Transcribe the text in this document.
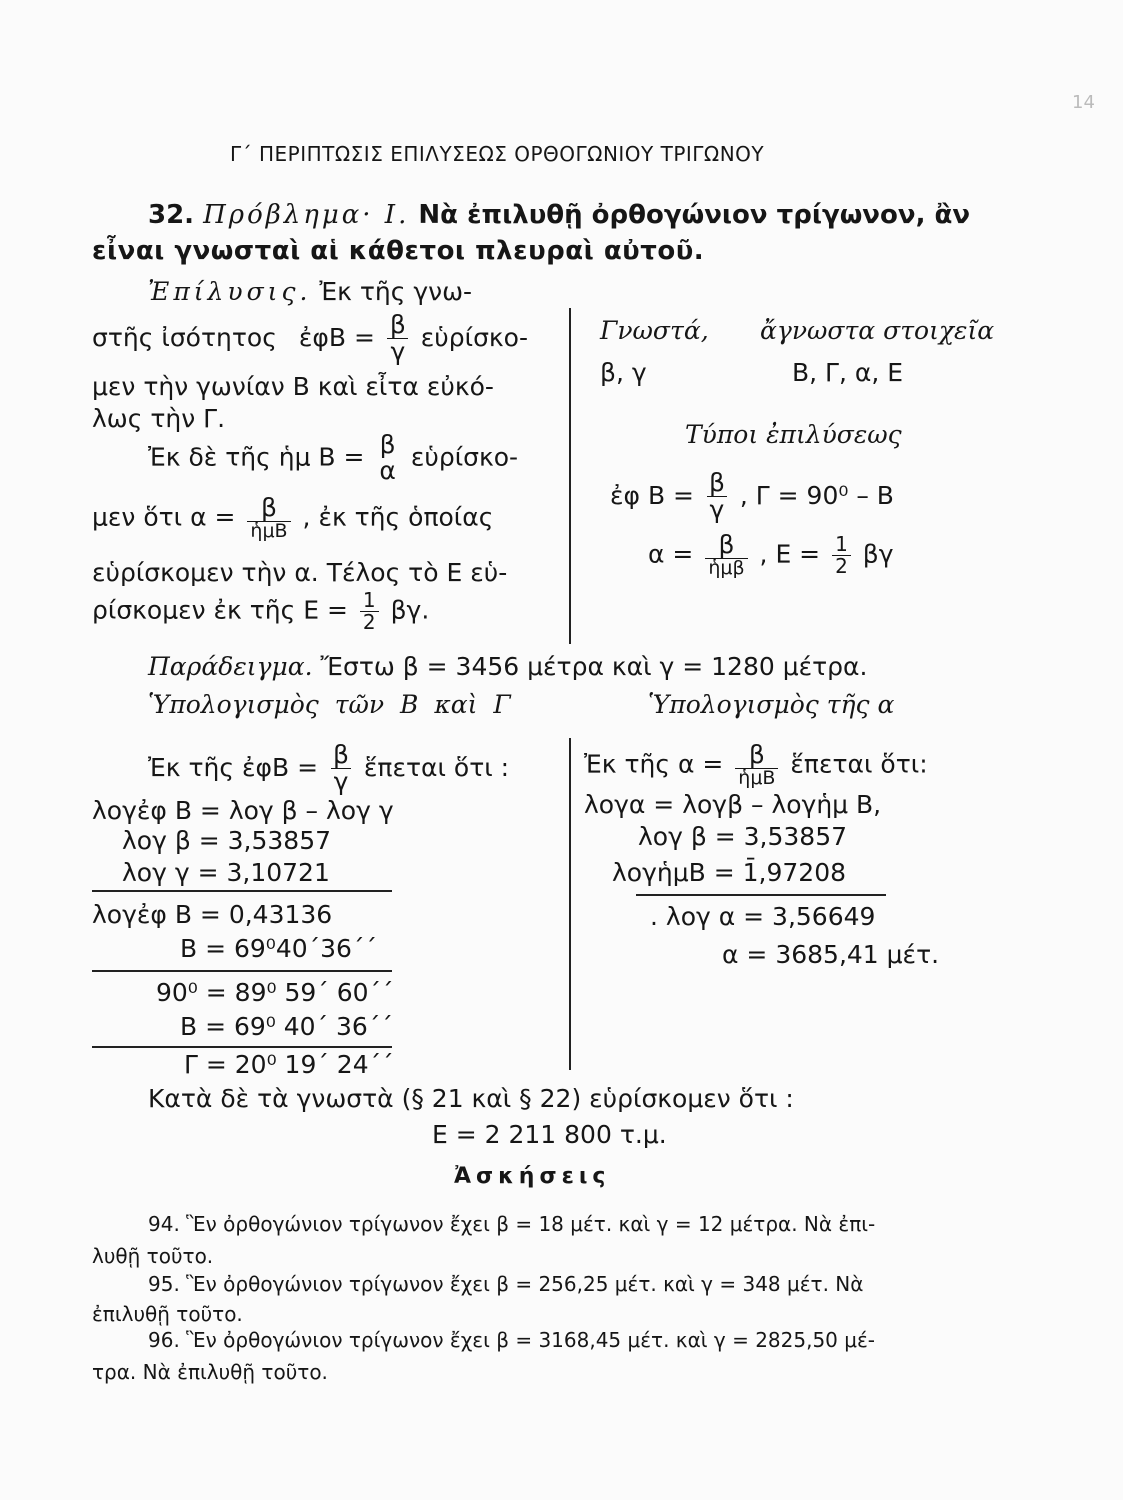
14
Γ΄ ΠΕΡΙΠΤΩΣΙΣ ΕΠΙΛΥΣΕΩΣ ΟΡΘΟΓΩΝΙΟΥ ΤΡΙΓΩΝΟΥ
32. Πρόβλημα· Ι. Νὰ ἐπιλυθῇ ὀρθογώνιον τρίγωνον, ἂν
εἶναι γνωσταὶ αἱ κάθετοι πλευραὶ αὐτοῦ.
Ἐπίλυσις. Ἐκ τῆς γνω-
στῆς ἰσότητος ἐφΒ = $\frac{\beta}{\gamma}$ εὑρίσκο-
μεν τὴν γωνίαν Β καὶ εἶτα εὐκό-
λως τὴν Γ.
Ἐκ δὲ τῆς ἡμ Β = β
α εὑρίσκο-
μεν ὅτι $\alpha = \frac{\beta}{\text{ἡμΒ}}$ , ἐκ τῆς ὁποίας
εὑρίσκομεν τὴν α. Τέλος τὸ Ε εὑ-
ρίσκομεν ἐκ τῆς $E = \frac{1}{2} \beta\gamma$.
Γνωστά, ἄγνωστα στοιχεῖα
β, γ	Β, Γ, α, Ε
Τύποι ἐπιλύσεως
ἐφ $B = \frac{\beta}{\gamma}$ , Γ = 90⁰ – Β
$\alpha = \frac{\beta}{\text{ἡμβ}}$ , $E = \frac{1}{2}$ βγ
Παράδειγμα. Ἔστω β = 3456 μέτρα καὶ γ = 1280 μέτρα.
Ὑπολογισμὸς τῶν Β καὶ Γ	Ὑπολογισμὸς τῆς α
Ἐκ τῆς ἐφΒ = $\frac{\beta}{\gamma}$ ἕπεται ὅτι :
λογἐφ Β = λογ β – λογ γ
λογ β = 3,53857
λογ γ = 3,10721
λογἐφ Β = 0,43136
Β = 69⁰40΄36΄΄
90⁰ = 89⁰ 59΄ 60΄΄
Β = 69⁰ 40΄ 36΄΄
Γ = 20⁰ 19΄ 24΄΄
Ἐκ τῆς $\alpha = \frac{\beta}{\text{ἡμΒ}}$ ἕπεται ὅτι:
λογα = λογβ – λογἡμ Β,
λογ β = 3,53857
λογἡμΒ = 1̄,97208
. λογ α = 3,56649
α = 3685,41 μέτ.
Κατὰ δὲ τὰ γνωστὰ (§ 21 καὶ § 22) εὑρίσκομεν ὅτι :
Ε = 2 211 800 τ.μ.
Ἀσκήσεις
94. Ἓν ὀρθογώνιον τρίγωνον ἔχει β = 18 μέτ. καὶ γ = 12 μέτρα. Νὰ ἐπι-
λυθῇ τοῦτο.
95. Ἓν ὀρθογώνιον τρίγωνον ἔχει β = 256,25 μέτ. καὶ γ = 348 μέτ. Νὰ
ἐπιλυθῇ τοῦτο.
96. Ἓν ὀρθογώνιον τρίγωνον ἔχει β = 3168,45 μέτ. καὶ γ = 2825,50 μέ-
τρα. Νὰ ἐπιλυθῇ τοῦτο.
